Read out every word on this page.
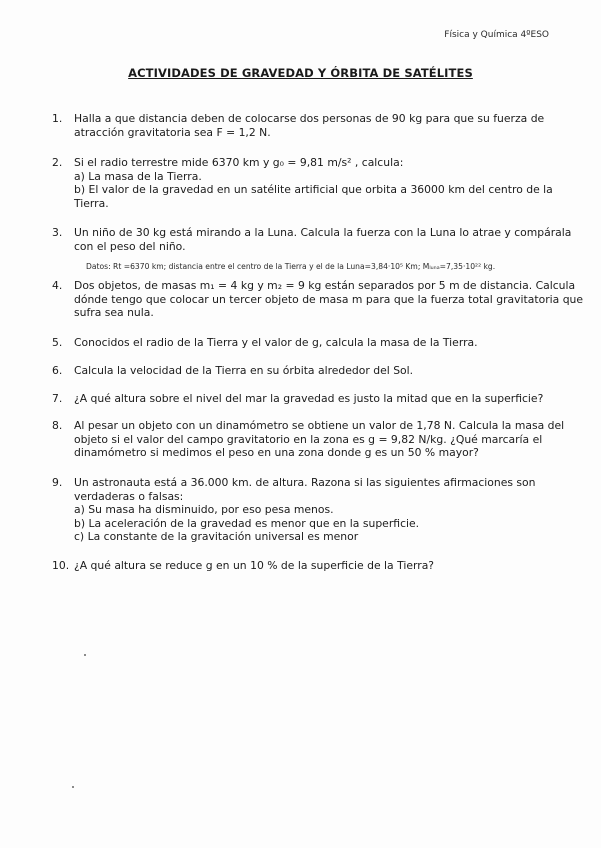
Física y Química 4ºESO
ACTIVIDADES DE GRAVEDAD Y ÓRBITA DE SATÉLITES
1.	Halla a que distancia deben de colocarse dos personas de 90 kg para que su fuerza de
atracción gravitatoria sea F = 1,2 N.
2.	Si el radio terrestre mide 6370 km y g₀ = 9,81 m/s² , calcula:
a) La masa de la Tierra.
b) El valor de la gravedad en un satélite artificial que orbita a 36000 km del centro de la
Tierra.
3.	Un niño de 30 kg está mirando a la Luna. Calcula la fuerza con la Luna lo atrae y compárala
con el peso del niño.
4.	Dos objetos, de masas m₁ = 4 kg y m₂ = 9 kg están separados por 5 m de distancia. Calcula
dónde tengo que colocar un tercer objeto de masa m para que la fuerza total gravitatoria que
sufra sea nula.
5.	Conocidos el radio de la Tierra y el valor de g, calcula la masa de la Tierra.
6.	Calcula la velocidad de la Tierra en su órbita alrededor del Sol.
7.	¿A qué altura sobre el nivel del mar la gravedad es justo la mitad que en la superficie?
8.	Al pesar un objeto con un dinamómetro se obtiene un valor de 1,78 N. Calcula la masa del
objeto si el valor del campo gravitatorio en la zona es g = 9,82 N/kg. ¿Qué marcaría el
dinamómetro si medimos el peso en una zona donde g es un 50 % mayor?
9.	Un astronauta está a 36.000 km. de altura. Razona si las siguientes afirmaciones son
verdaderas o falsas:
a) Su masa ha disminuido, por eso pesa menos.
b) La aceleración de la gravedad es menor que en la superficie.
c) La constante de la gravitación universal es menor
10. ¿A qué altura se reduce g en un 10 % de la superficie de la Tierra?
Datos: Rt =6370 km; distancia entre el centro de la Tierra y el de la Luna=3,84·10⁵ Km; Mₗᵤₙₐ=7,35·10²² kg.
